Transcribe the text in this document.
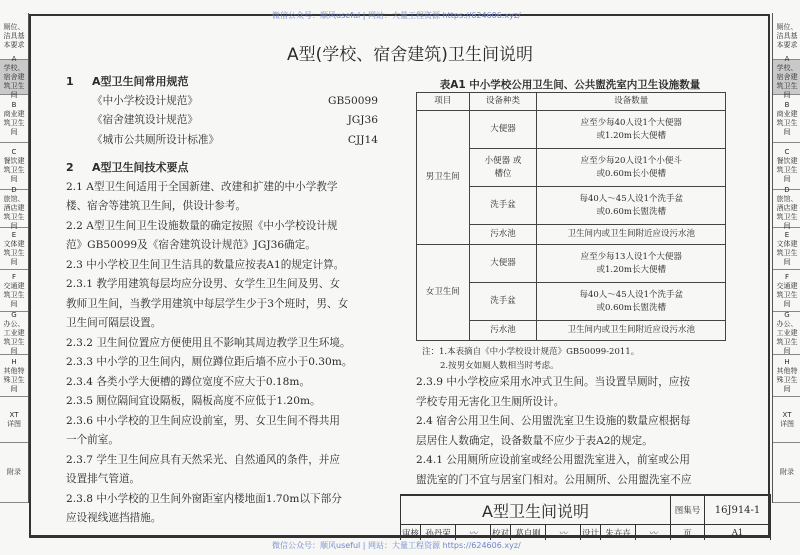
厕位、洁具基本要求
A
学校、宿舍建筑卫生间
B
商业建筑卫生间
C
餐饮建筑卫生间
D
旅馆、酒店建筑卫生间
E
文体建筑卫生间
F
交通建筑卫生间
G
办公、工业建筑卫生间
H
其他特殊卫生间
XT
详图
附录
厕位、洁具基本要求
A
学校、宿舍建筑卫生间
B
商业建筑卫生间
C
餐饮建筑卫生间
D
旅馆、酒店建筑卫生间
E
文体建筑卫生间
F
交通建筑卫生间
G
办公、工业建筑卫生间
H
其他特殊卫生间
XT
详图
附录
微信公众号：顺风useful | 网站：大量工程资源 https://624606.xyz/
微信公众号：顺风useful | 网站：大量工程资源 https://624606.xyz/
A型(学校、宿舍建筑)卫生间说明
1 A型卫生间常用规范
《中小学校设计规范》	GB50099
《宿舍建筑设计规范》	JGJ36
《城市公共厕所设计标准》	CJJ14
2 A型卫生间技术要点
2.1 A型卫生间适用于全国新建、改建和扩建的中小学教学
楼、宿舍等建筑卫生间，供设计参考。
2.2 A型卫生间卫生设施数量的确定按照《中小学校设计规
范》GB50099及《宿舍建筑设计规范》JGJ36确定。
2.3 中小学校卫生间卫生洁具的数量应按表A1的规定计算。
2.3.1 教学用建筑每层均应分设男、女学生卫生间及男、女
教师卫生间，当教学用建筑中每层学生少于3个班时，男、女
卫生间可隔层设置。
2.3.2 卫生间位置应方便使用且不影响其周边教学卫生环境。
2.3.3 中小学的卫生间内，厕位蹲位距后墙不应小于0.30m。
2.3.4 各类小学大便槽的蹲位宽度不应大于0.18m。
2.3.5 厕位隔间宜设隔板，隔板高度不应低于1.20m。
2.3.6 中小学校的卫生间应设前室，男、女卫生间不得共用
一个前室。
2.3.7 学生卫生间应具有天然采光、自然通风的条件，并应
设置排气管道。
2.3.8 中小学校的卫生间外窗距室内楼地面1.70m以下部分
应设视线遮挡措施。
表A1 中小学校公用卫生间、公共盥洗室内卫生设施数量
项目	设备种类	设备数量
男卫生间	大便器	应至少每40人设1个大便器
或1.20m长大便槽

	小便器 或槽位	应至少每20人设1个小便斗
或0.60m长小便槽

	洗手盆	每40人～45人设1个洗手盆
或0.60m长盥洗槽

	污水池	卫生间内或卫生间附近应设污水池

女卫生间	大便器	应至少每13人设1个大便器
或1.20m长大便槽

	洗手盆	每40人～45人设1个洗手盆
或0.60m长盥洗槽

	污水池	卫生间内或卫生间附近应设污水池
注：1.本表摘自《中小学校设计规范》GB50099-2011。
2.按男女如厕人数相当时考虑。
2.3.9 中小学校应采用水冲式卫生间。当设置旱厕时，应按
学校专用无害化卫生厕所设计。
2.4 宿舍公用卫生间、公用盥洗室卫生设施的数量应根据每
层居住人数确定，设备数量不应少于表A2的规定。
2.4.1 公用厕所应设前室或经公用盥洗室进入，前室或公用
盥洗室的门不宜与居室门相对。公用厕所、公用盥洗室不应
A型卫生间说明	图集号	16J914-1
审核 孙丹荣	〰	校对 葛自刚	〰	设计 朱卉卉	〰	页	A1
